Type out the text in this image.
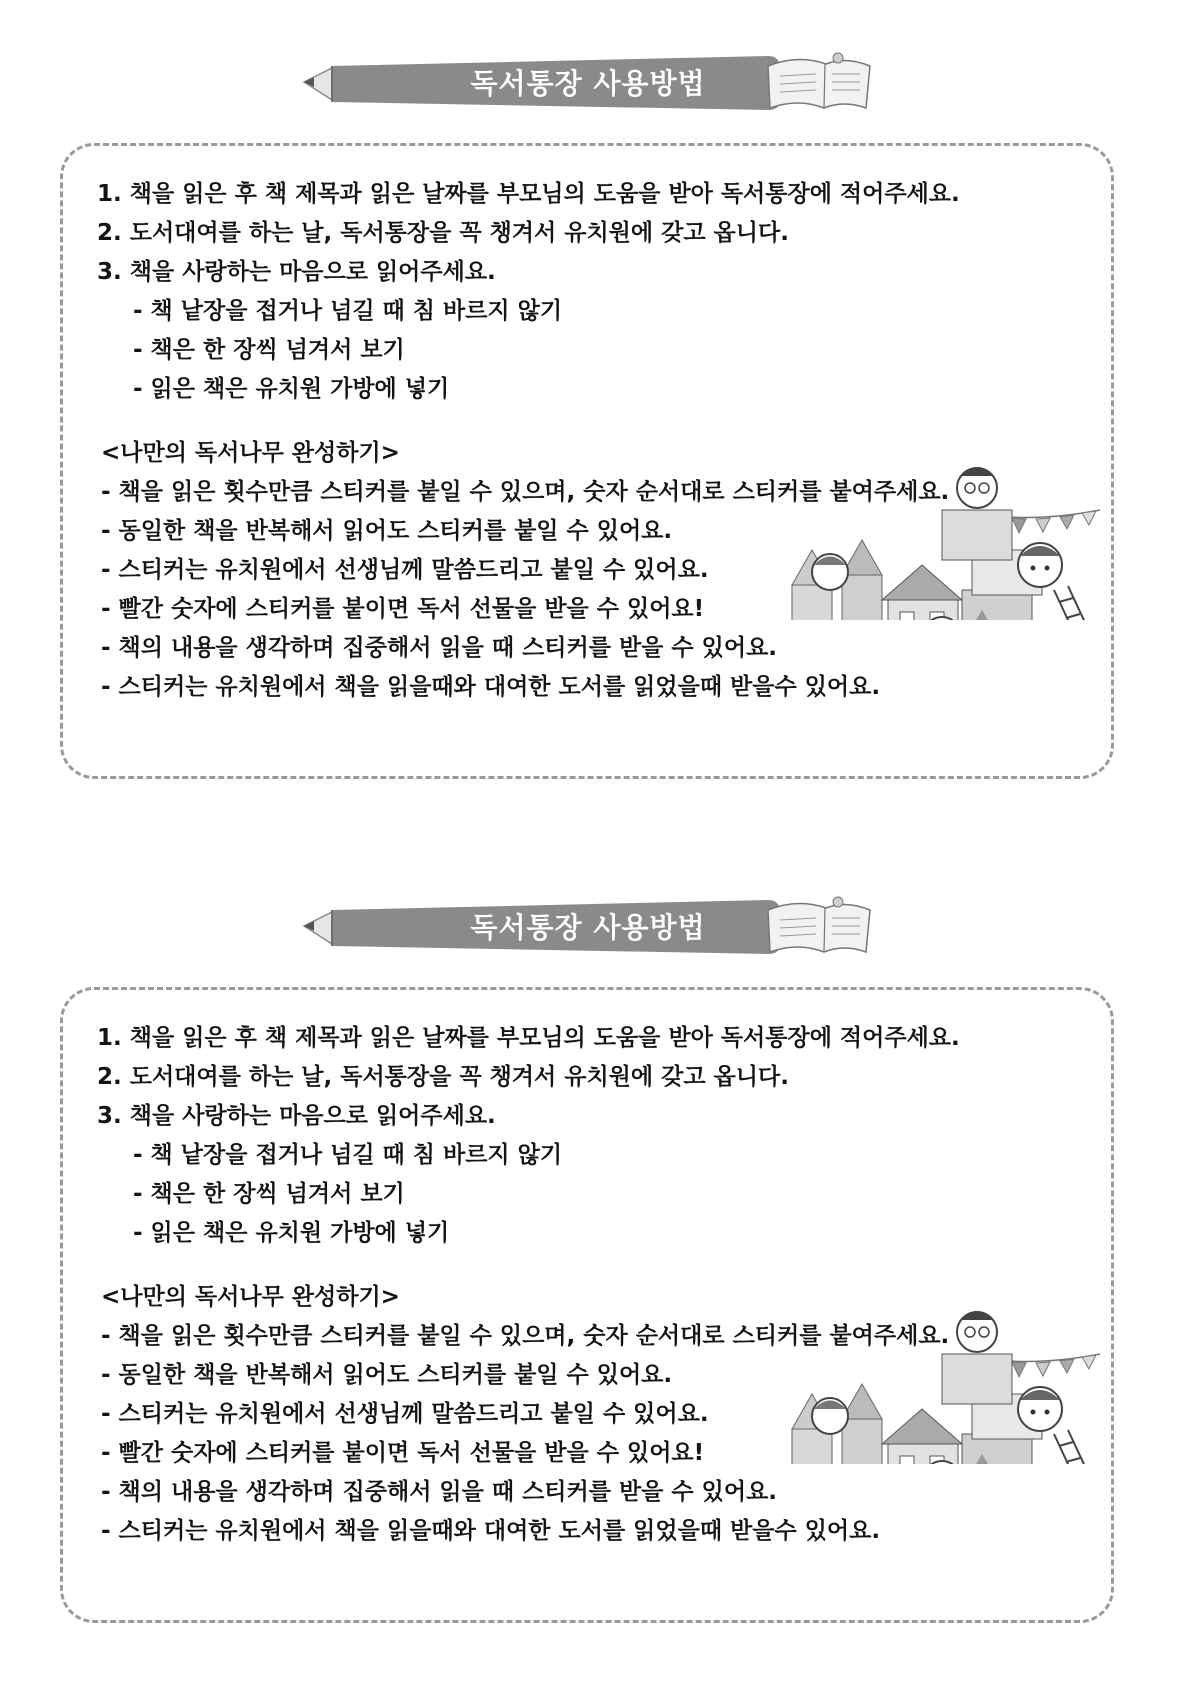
독서통장 사용방법
1. 책을 읽은 후 책 제목과 읽은 날짜를 부모님의 도움을 받아 독서통장에 적어주세요.
2. 도서대여를 하는 날, 독서통장을 꼭 챙겨서 유치원에 갖고 옵니다.
3. 책을 사랑하는 마음으로 읽어주세요.
- 책 낱장을 접거나 넘길 때 침 바르지 않기
- 책은 한 장씩 넘겨서 보기
- 읽은 책은 유치원 가방에 넣기
<나만의 독서나무 완성하기>
- 책을 읽은 횟수만큼 스티커를 붙일 수 있으며, 숫자 순서대로 스티커를 붙여주세요.
- 동일한 책을 반복해서 읽어도 스티커를 붙일 수 있어요.
- 스티커는 유치원에서 선생님께 말씀드리고 붙일 수 있어요.
- 빨간 숫자에 스티커를 붙이면 독서 선물을 받을 수 있어요!
- 책의 내용을 생각하며 집중해서 읽을 때 스티커를 받을 수 있어요.
- 스티커는 유치원에서 책을 읽을때와 대여한 도서를 읽었을때 받을수 있어요.
독서통장 사용방법
1. 책을 읽은 후 책 제목과 읽은 날짜를 부모님의 도움을 받아 독서통장에 적어주세요.
2. 도서대여를 하는 날, 독서통장을 꼭 챙겨서 유치원에 갖고 옵니다.
3. 책을 사랑하는 마음으로 읽어주세요.
- 책 낱장을 접거나 넘길 때 침 바르지 않기
- 책은 한 장씩 넘겨서 보기
- 읽은 책은 유치원 가방에 넣기
<나만의 독서나무 완성하기>
- 책을 읽은 횟수만큼 스티커를 붙일 수 있으며, 숫자 순서대로 스티커를 붙여주세요.
- 동일한 책을 반복해서 읽어도 스티커를 붙일 수 있어요.
- 스티커는 유치원에서 선생님께 말씀드리고 붙일 수 있어요.
- 빨간 숫자에 스티커를 붙이면 독서 선물을 받을 수 있어요!
- 책의 내용을 생각하며 집중해서 읽을 때 스티커를 받을 수 있어요.
- 스티커는 유치원에서 책을 읽을때와 대여한 도서를 읽었을때 받을수 있어요.
